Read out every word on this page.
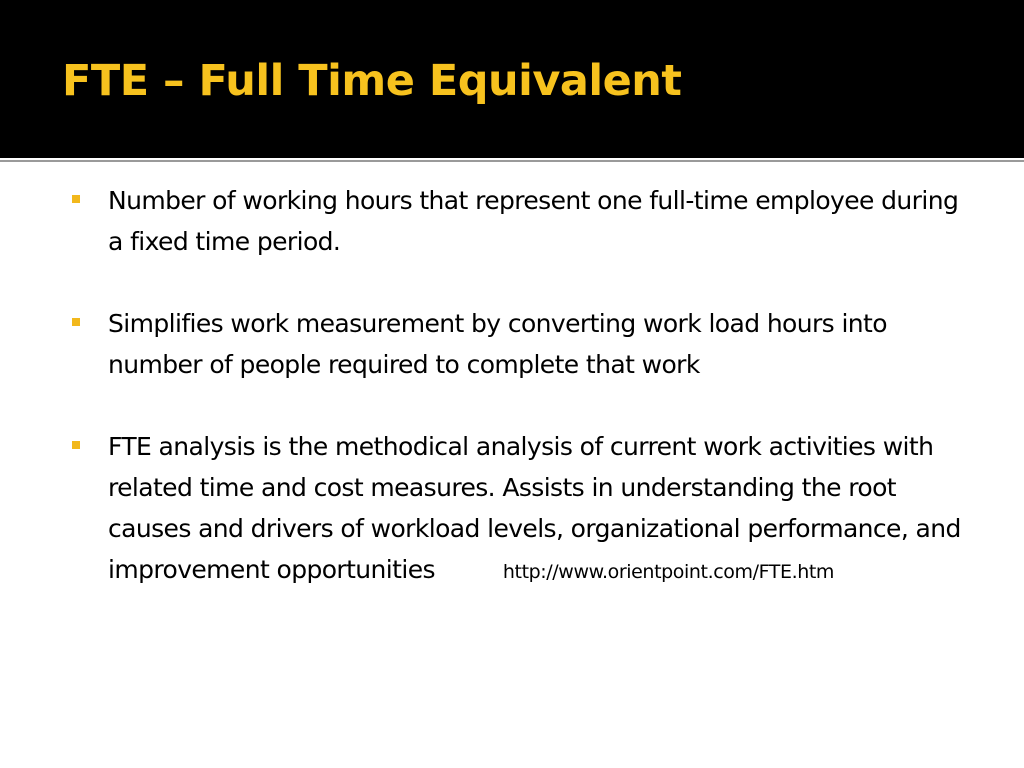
FTE – Full Time Equivalent
Number of working hours that represent one full-time employee during a fixed time period.
Simplifies work measurement by converting work load hours into number of people required to complete that work
FTE analysis is the methodical analysis of current work activities with related time and cost measures. Assists in understanding the root causes and drivers of workload levels, organizational performance, and improvement opportunities	http://www.orientpoint.com/FTE.htm
